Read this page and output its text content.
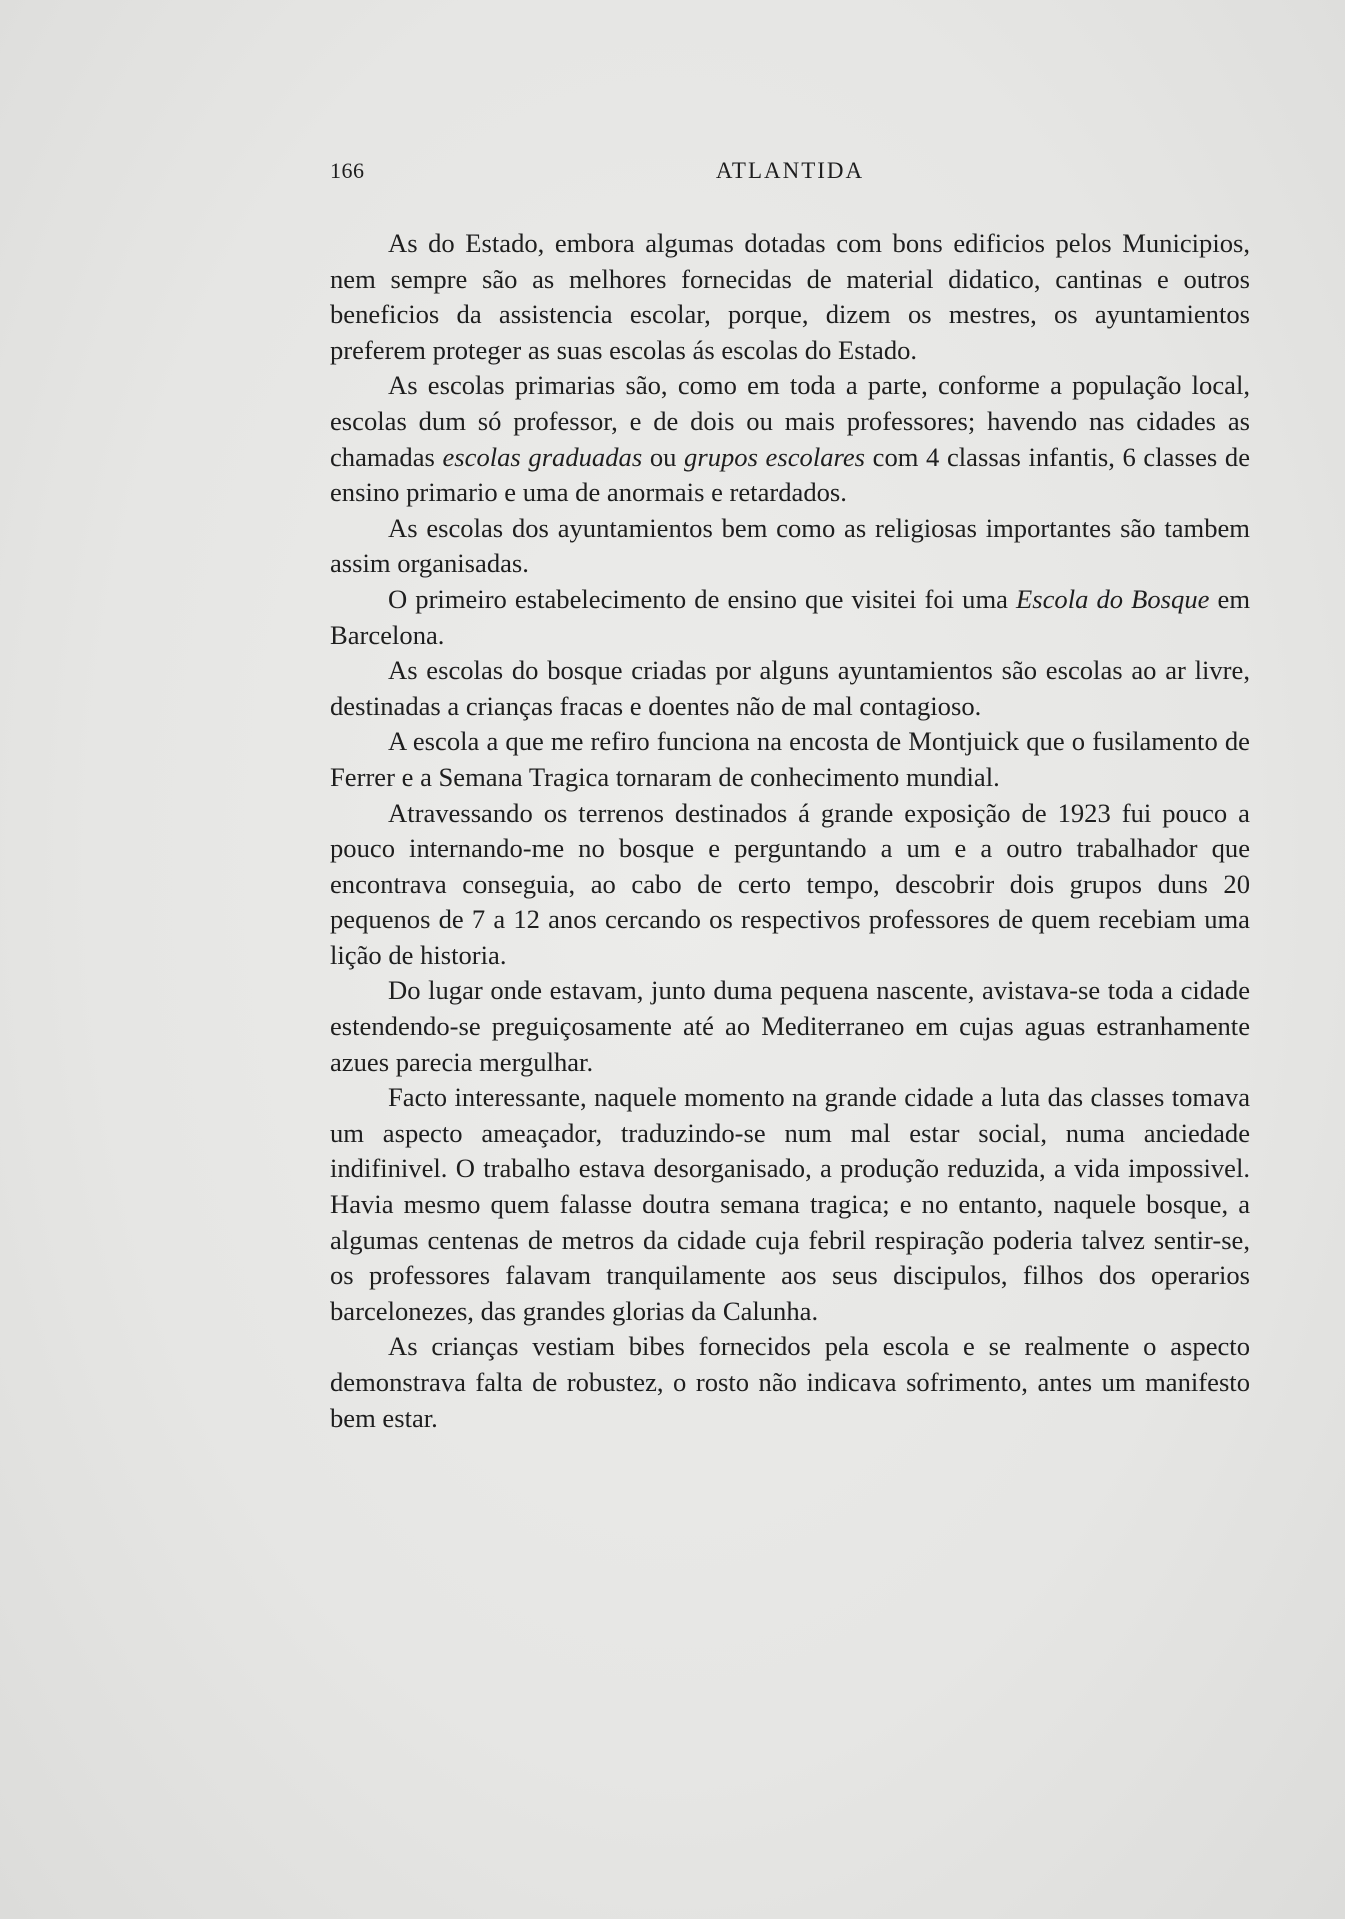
166	ATLANTIDA

As do Estado, embora algumas dotadas com bons edificios pelos Municipios, nem sempre são as melhores fornecidas de material didatico, cantinas e outros beneficios da assistencia escolar, porque, dizem os mestres, os ayuntamientos preferem proteger as suas escolas ás escolas do Estado.

As escolas primarias são, como em toda a parte, conforme a população local, escolas dum só professor, e de dois ou mais professores; havendo nas cidades as chamadas escolas graduadas ou grupos escolares com 4 classas infantis, 6 classes de ensino primario e uma de anormais e retardados.

As escolas dos ayuntamientos bem como as religiosas importantes são tambem assim organisadas.

O primeiro estabelecimento de ensino que visitei foi uma Escola do Bosque em Barcelona.

As escolas do bosque criadas por alguns ayuntamientos são escolas ao ar livre, destinadas a crianças fracas e doentes não de mal contagioso.

A escola a que me refiro funciona na encosta de Montjuick que o fusilamento de Ferrer e a Semana Tragica tornaram de conhecimento mundial.

Atravessando os terrenos destinados á grande exposição de 1923 fui pouco a pouco internando-me no bosque e perguntando a um e a outro trabalhador que encontrava conseguia, ao cabo de certo tempo, descobrir dois grupos duns 20 pequenos de 7 a 12 anos cercando os respectivos professores de quem recebiam uma lição de historia.

Do lugar onde estavam, junto duma pequena nascente, avistava-se toda a cidade estendendo-se preguiçosamente até ao Mediterraneo em cujas aguas estranhamente azues parecia mergulhar.

Facto interessante, naquele momento na grande cidade a luta das classes tomava um aspecto ameaçador, traduzindo-se num mal estar social, numa anciedade indifinivel. O trabalho estava desorganisado, a produção reduzida, a vida impossivel. Havia mesmo quem falasse doutra semana tragica; e no entanto, naquele bosque, a algumas centenas de metros da cidade cuja febril respiração poderia talvez sentir-se, os professores falavam tranquilamente aos seus discipulos, filhos dos operarios barcelonezes, das grandes glorias da Calunha.

As crianças vestiam bibes fornecidos pela escola e se realmente o aspecto demonstrava falta de robustez, o rosto não indicava sofrimento, antes um manifesto bem estar.
